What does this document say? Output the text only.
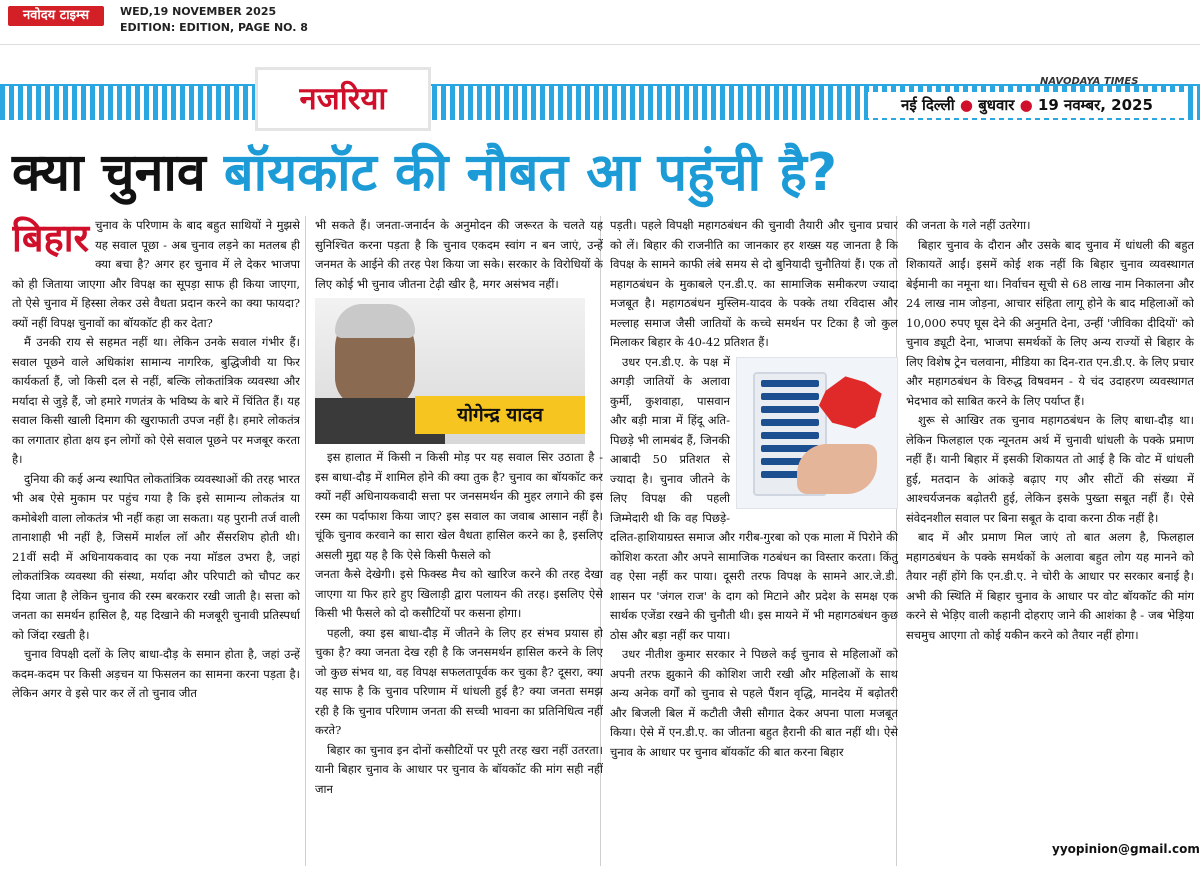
नवोदय टाइम्स	WED,19 NOVEMBER 2025
EDITION: EDITION, PAGE NO. 8
नजरिया	NAVODAYA TIMES
नई दिल्ली ● बुधवार ● 19 नवम्बर, 2025
क्या चुनाव बॉयकॉट की नौबत आ पहुंची है?
बिहार चुनाव के परिणाम के बाद बहुत साथियों ने मुझसे यह सवाल पूछा - अब चुनाव लड़ने का मतलब ही क्या बचा है? अगर हर चुनाव में ले देकर भाजपा को ही जिताया जाएगा और विपक्ष का सूपड़ा साफ ही किया जाएगा, तो ऐसे चुनाव में हिस्सा लेकर उसे वैधता प्रदान करने का क्या फायदा? क्यों नहीं विपक्ष चुनावों का बॉयकॉट ही कर देता?

मैं उनकी राय से सहमत नहीं था। लेकिन उनके सवाल गंभीर हैं। सवाल पूछने वाले अधिकांश सामान्य नागरिक, बुद्धिजीवी या फिर कार्यकर्ता हैं, जो किसी दल से नहीं, बल्कि लोकतांत्रिक व्यवस्था और मर्यादा से जुड़े हैं, जो हमारे गणतंत्र के भविष्य के बारे में चिंतित हैं। यह सवाल किसी खाली दिमाग की खुराफाती उपज नहीं है। हमारे लोकतंत्र का लगातार होता क्षय इन लोगों को ऐसे सवाल पूछने पर मजबूर करता है।

दुनिया की कई अन्य स्थापित लोकतांत्रिक व्यवस्थाओं की तरह भारत भी अब ऐसे मुकाम पर पहुंच गया है कि इसे सामान्य लोकतंत्र या कमोबेशी वाला लोकतंत्र भी नहीं कहा जा सकता। यह पुरानी तर्ज वाली तानाशाही भी नहीं है, जिसमें मार्शल लॉ और सैंसरशिप होती थी। 21वीं सदी में अधिनायकवाद का एक नया मॉडल उभरा है, जहां लोकतांत्रिक व्यवस्था की संस्था, मर्यादा और परिपाटी को चौपट कर दिया जाता है लेकिन चुनाव की रस्म बरकरार रखी जाती है। सत्ता को जनता का समर्थन हासिल है, यह दिखाने की मजबूरी चुनावी प्रतिस्पर्धा को जिंदा रखती है।

चुनाव विपक्षी दलों के लिए बाधा-दौड़ के समान होता है, जहां उन्हें कदम-कदम पर किसी अड़चन या फिसलन का सामना करना पड़ता है। लेकिन अगर वे इसे पार कर लें तो चुनाव जीत

भी सकते हैं। जनता-जनार्दन के अनुमोदन की जरूरत के चलते यह सुनिश्चित करना पड़ता है कि चुनाव एकदम स्वांग न बन जाएं, उन्हें जनमत के आईने की तरह पेश किया जा सके। सरकार के विरोधियों के लिए कोई भी चुनाव जीतना टेढ़ी खीर है, मगर असंभव नहीं।

योगेन्द्र यादव

इस हालात में किसी न किसी मोड़ पर यह सवाल सिर उठाता है - इस बाधा-दौड़ में शामिल होने की क्या तुक है? चुनाव का बॉयकॉट कर क्यों नहीं अधिनायकवादी सत्ता पर जनसमर्थन की मुहर लगाने की इस रस्म का पर्दाफाश किया जाए? इस सवाल का जवाब आसान नहीं है। चूंकि चुनाव करवाने का सारा खेल वैधता हासिल करने का है, इसलिए असली मुद्दा यह है कि ऐसे किसी फैसले को

जनता कैसे देखेगी। इसे फिक्स्ड मैच को खारिज करने की तरह देखा जाएगा या फिर हारे हुए खिलाड़ी द्वारा पलायन की तरह। इसलिए ऐसे किसी भी फैसले को दो कसौटियों पर कसना होगा।

पहली, क्या इस बाधा-दौड़ में जीतने के लिए हर संभव प्रयास हो चुका है? क्या जनता देख रही है कि जनसमर्थन हासिल करने के लिए जो कुछ संभव था, वह विपक्ष सफलतापूर्वक कर चुका है? दूसरा, क्या यह साफ है कि चुनाव परिणाम में धांधली हुई है? क्या जनता समझ रही है कि चुनाव परिणाम जनता की सच्ची भावना का प्रतिनिधित्व नहीं करते?

बिहार का चुनाव इन दोनों कसौटियों पर पूरी तरह खरा नहीं उतरता। यानी बिहार चुनाव के आधार पर चुनाव के बॉयकॉट की मांग सही नहीं जान

पड़ती। पहले विपक्षी महागठबंधन की चुनावी तैयारी और चुनाव प्रचार को लें। बिहार की राजनीति का जानकार हर शख्स यह जानता है कि विपक्ष के सामने काफी लंबे समय से दो बुनियादी चुनौतियां हैं। एक तो महागठबंधन के मुकाबले एन.डी.ए. का सामाजिक समीकरण ज्यादा मजबूत है। महागठबंधन मुस्लिम-यादव के पक्के तथा रविदास और मल्लाह समाज जैसी जातियों के कच्चे समर्थन पर टिका है जो कुल मिलाकर बिहार के 40-42 प्रतिशत हैं।

उधर एन.डी.ए. के पक्ष में अगड़ी जातियों के अलावा कुर्मी, कुशवाहा, पासवान और बड़ी मात्रा में हिंदू अति-पिछड़े भी लामबंद हैं, जिनकी आबादी 50 प्रतिशत से ज्यादा है। चुनाव जीतने के लिए विपक्ष की पहली जिम्मेदारी थी कि वह पिछड़े-दलित-हाशियाग्रस्त समाज और गरीब-गुरबा को एक माला में पिरोने की कोशिश करता और अपने सामाजिक गठबंधन का विस्तार करता। किंतु वह ऐसा नहीं कर पाया। दूसरी तरफ विपक्ष के सामने आर.जे.डी. शासन पर 'जंगल राज' के दाग को मिटाने और प्रदेश के समक्ष एक सार्थक एजेंडा रखने की चुनौती थी। इस मायने में भी महागठबंधन कुछ ठोस और बड़ा नहीं कर पाया।

उधर नीतीश कुमार सरकार ने पिछले कई चुनाव से महिलाओं को अपनी तरफ झुकाने की कोशिश जारी रखी और महिलाओं के साथ अन्य अनेक वर्गों को चुनाव से पहले पैंशन वृद्धि, मानदेय में बढ़ोतरी और बिजली बिल में कटौती जैसी सौगात देकर अपना पाला मजबूत किया। ऐसे में एन.डी.ए. का जीतना बहुत हैरानी की बात नहीं थी। ऐसे चुनाव के आधार पर चुनाव बॉयकॉट की बात करना बिहार

की जनता के गले नहीं उतरेगा।

बिहार चुनाव के दौरान और उसके बाद चुनाव में धांधली की बहुत शिकायतें आईं। इसमें कोई शक नहीं कि बिहार चुनाव व्यवस्थागत बेईमानी का नमूना था। निर्वाचन सूची से 68 लाख नाम निकालना और 24 लाख नाम जोड़ना, आचार संहिता लागू होने के बाद महिलाओं को 10,000 रुपए घूस देने की अनुमति देना, उन्हीं 'जीविका दीदियों' को चुनाव ड्यूटी देना, भाजपा समर्थकों के लिए अन्य राज्यों से बिहार के लिए विशेष ट्रेन चलवाना, मीडिया का दिन-रात एन.डी.ए. के लिए प्रचार और महागठबंधन के विरुद्ध विषवमन - ये चंद उदाहरण व्यवस्थागत भेदभाव को साबित करने के लिए पर्याप्त हैं।

शुरू से आखिर तक चुनाव महागठबंधन के लिए बाधा-दौड़ था। लेकिन फिलहाल एक न्यूनतम अर्थ में चुनावी धांधली के पक्के प्रमाण नहीं हैं। यानी बिहार में इसकी शिकायत तो आई है कि वोट में धांधली हुई, मतदान के आंकड़े बढ़ाए गए और सीटों की संख्या में आश्चर्यजनक बढ़ोतरी हुई, लेकिन इसके पुख्ता सबूत नहीं हैं। ऐसे संवेदनशील सवाल पर बिना सबूत के दावा करना ठीक नहीं है।

बाद में और प्रमाण मिल जाएं तो बात अलग है, फिलहाल महागठबंधन के पक्के समर्थकों के अलावा बहुत लोग यह मानने को तैयार नहीं होंगे कि एन.डी.ए. ने चोरी के आधार पर सरकार बनाई है। अभी की स्थिति में बिहार चुनाव के आधार पर वोट बॉयकॉट की मांग करने से भेड़िए वाली कहानी दोहराए जाने की आशंका है - जब भेड़िया सचमुच आएगा तो कोई यकीन करने को तैयार नहीं होगा।

yyopinion@gmail.com
